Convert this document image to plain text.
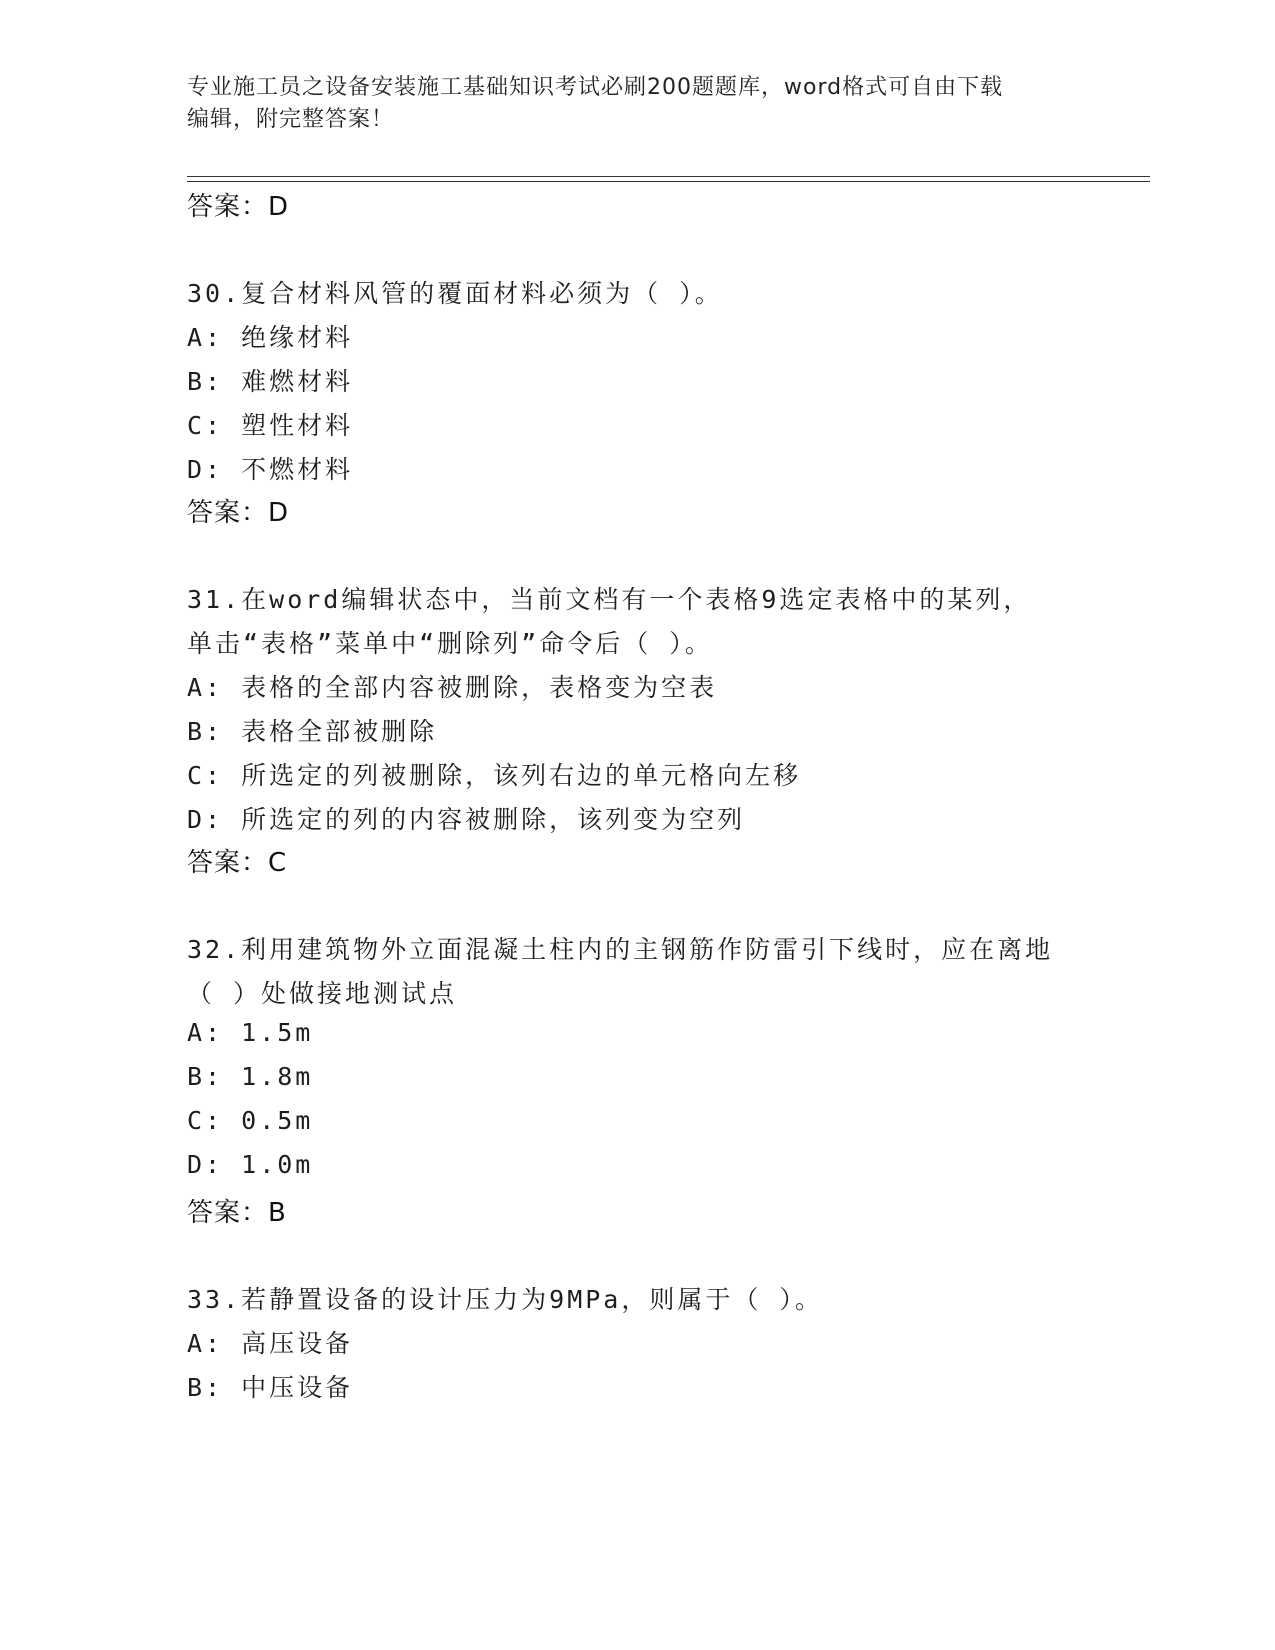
专业施工员之设备安装施工基础知识考试必刷200题题库，word格式可自由下载
编辑，附完整答案！
答案：D
30.复合材料风管的覆面材料必须为（ ）。
A: 绝缘材料
B: 难燃材料
C: 塑性材料
D: 不燃材料
答案：D
31.在word编辑状态中，当前文档有一个表格9选定表格中的某列，
单击“表格”菜单中“删除列”命令后（ ）。
A: 表格的全部内容被删除，表格变为空表
B: 表格全部被删除
C: 所选定的列被删除，该列右边的单元格向左移
D: 所选定的列的内容被删除，该列变为空列
答案：C
32.利用建筑物外立面混凝土柱内的主钢筋作防雷引下线时，应在离地
（ ）处做接地测试点
A: 1.5m
B: 1.8m
C: 0.5m
D: 1.0m
答案：B
33.若静置设备的设计压力为9MPa，则属于（ ）。
A: 高压设备
B: 中压设备
